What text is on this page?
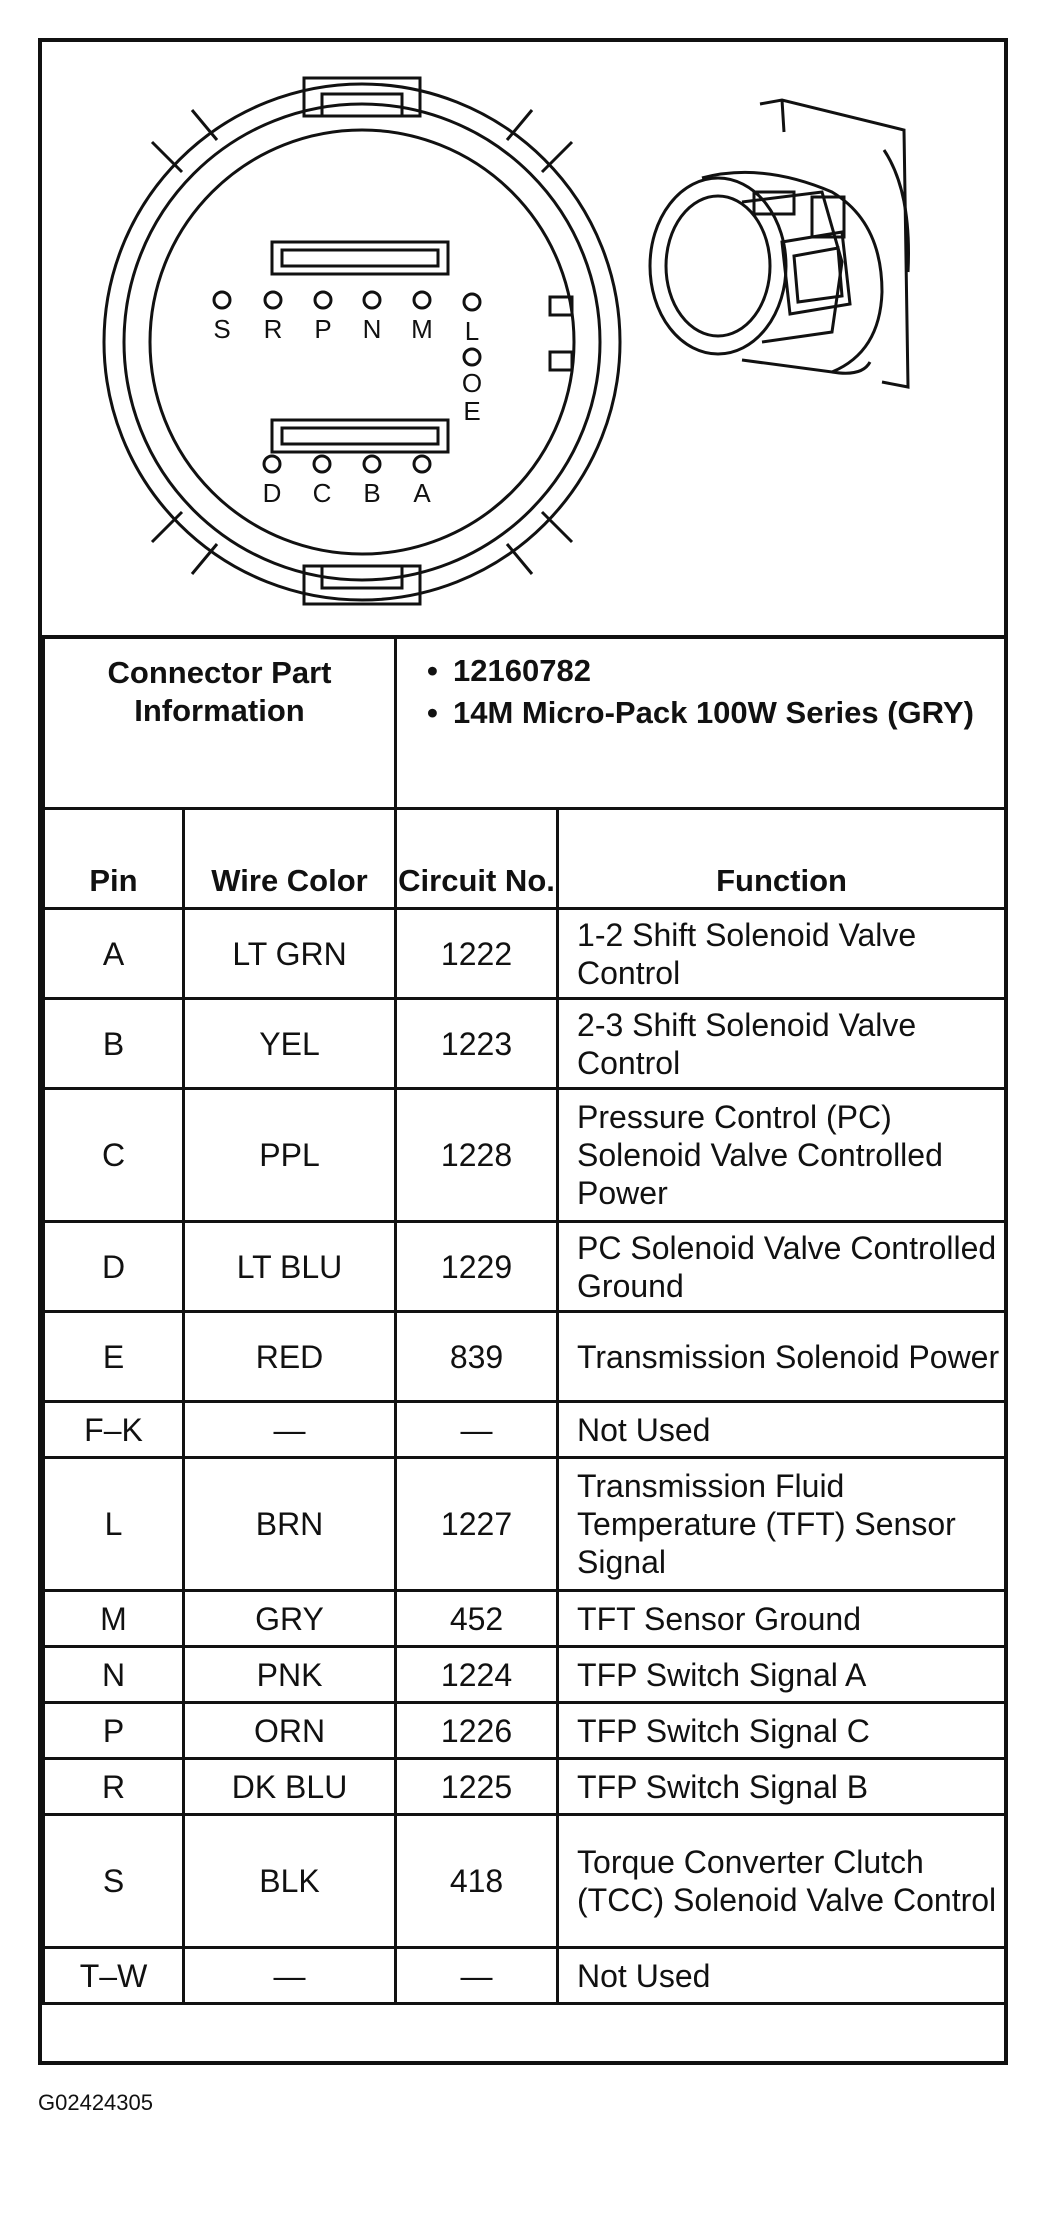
S R P N M L
O
E
D C B A
Connector Part Information		• 12160782
• 14M Micro-Pack 100W Series (GRY)

Pin	Wire Color	Circuit No.	Function
A	LT GRN	1222	1-2 Shift Solenoid Valve Control
B	YEL	1223	2-3 Shift Solenoid Valve Control
C	PPL	1228	Pressure Control (PC) Solenoid Valve Controlled Power
D	LT BLU	1229	PC Solenoid Valve Controlled Ground
E	RED	839	Transmission Solenoid Power
F–K	—	—	Not Used
L	BRN	1227	Transmission Fluid Temperature (TFT) Sensor Signal
M	GRY	452	TFT Sensor Ground
N	PNK	1224	TFP Switch Signal A
P	ORN	1226	TFP Switch Signal C
R	DK BLU	1225	TFP Switch Signal B
S	BLK	418	Torque Converter Clutch (TCC) Solenoid Valve Control
T–W	—	—	Not Used
G02424305
